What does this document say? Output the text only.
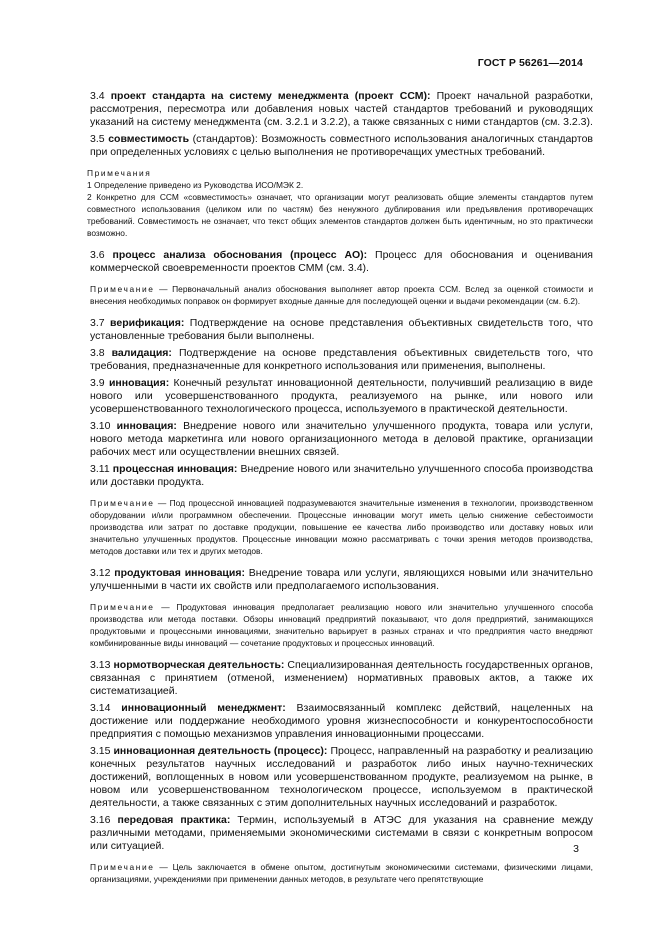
ГОСТ Р 56261—2014

3.4 проект стандарта на систему менеджмента (проект ССМ): Проект начальной разработки, рассмотрения, пересмотра или добавления новых частей стандартов требований и руководящих указаний на систему менеджмента (см. 3.2.1 и 3.2.2), а также связанных с ними стандартов (см. 3.2.3).

3.5 совместимость (стандартов): Возможность совместного использования аналогичных стандартов при определенных условиях с целью выполнения не противоречащих уместных требований.

Примечания
1 Определение приведено из Руководства ИСО/МЭК 2.
2 Конкретно для ССМ «совместимость» означает, что организации могут реализовать общие элементы стандартов путем совместного использования (целиком или по частям) без ненужного дублирования или предъявления противоречащих требований. Совместимость не означает, что текст общих элементов стандартов должен быть идентичным, но это практически возможно.

3.6 процесс анализа обоснования (процесс АО): Процесс для обоснования и оценивания коммерческой своевременности проектов СММ (см. 3.4).

Примечание — Первоначальный анализ обоснования выполняет автор проекта ССМ. Вслед за оценкой стоимости и внесения необходимых поправок он формирует входные данные для последующей оценки и выдачи рекомендации (см. 6.2).

3.7 верификация: Подтверждение на основе представления объективных свидетельств того, что установленные требования были выполнены.

3.8 валидация: Подтверждение на основе представления объективных свидетельств того, что требования, предназначенные для конкретного использования или применения, выполнены.

3.9 инновация: Конечный результат инновационной деятельности, получивший реализацию в виде нового или усовершенствованного продукта, реализуемого на рынке, или нового или усовершенствованного технологического процесса, используемого в практической деятельности.

3.10 инновация: Внедрение нового или значительно улучшенного продукта, товара или услуги, нового метода маркетинга или нового организационного метода в деловой практике, организации рабочих мест или осуществлении внешних связей.

3.11 процессная инновация: Внедрение нового или значительно улучшенного способа производства или доставки продукта.

Примечание — Под процессной инновацией подразумеваются значительные изменения в технологии, производственном оборудовании и/или программном обеспечении. Процессные инновации могут иметь целью снижение себестоимости производства или затрат по доставке продукции, повышение ее качества либо производство или доставку новых или значительно улучшенных продуктов. Процессные инновации можно рассматривать с точки зрения методов производства, методов доставки или тех и других методов.

3.12 продуктовая инновация: Внедрение товара или услуги, являющихся новыми или значительно улучшенными в части их свойств или предполагаемого использования.

Примечание — Продуктовая инновация предполагает реализацию нового или значительно улучшенного способа производства или метода поставки. Обзоры инноваций предприятий показывают, что доля предприятий, занимающихся продуктовыми и процессными инновациями, значительно варьирует в разных странах и что предприятия часто внедряют комбинированные виды инноваций — сочетание продуктовых и процессных инноваций.

3.13 нормотворческая деятельность: Специализированная деятельность государственных органов, связанная с принятием (отменой, изменением) нормативных правовых актов, а также их систематизацией.

3.14 инновационный менеджмент: Взаимосвязанный комплекс действий, нацеленных на достижение или поддержание необходимого уровня жизнеспособности и конкурентоспособности предприятия с помощью механизмов управления инновационными процессами.

3.15 инновационная деятельность (процесс): Процесс, направленный на разработку и реализацию конечных результатов научных исследований и разработок либо иных научно-технических достижений, воплощенных в новом или усовершенствованном продукте, реализуемом на рынке, в новом или усовершенствованном технологическом процессе, используемом в практической деятельности, а также связанных с этим дополнительных научных исследований и разработок.

3.16 передовая практика: Термин, используемый в АТЭС для указания на сравнение между различными методами, применяемыми экономическими системами в связи с конкретным вопросом или ситуацией.

Примечание — Цель заключается в обмене опытом, достигнутым экономическими системами, физическими лицами, организациями, учреждениями при применении данных методов, в результате чего препятствующие
3
